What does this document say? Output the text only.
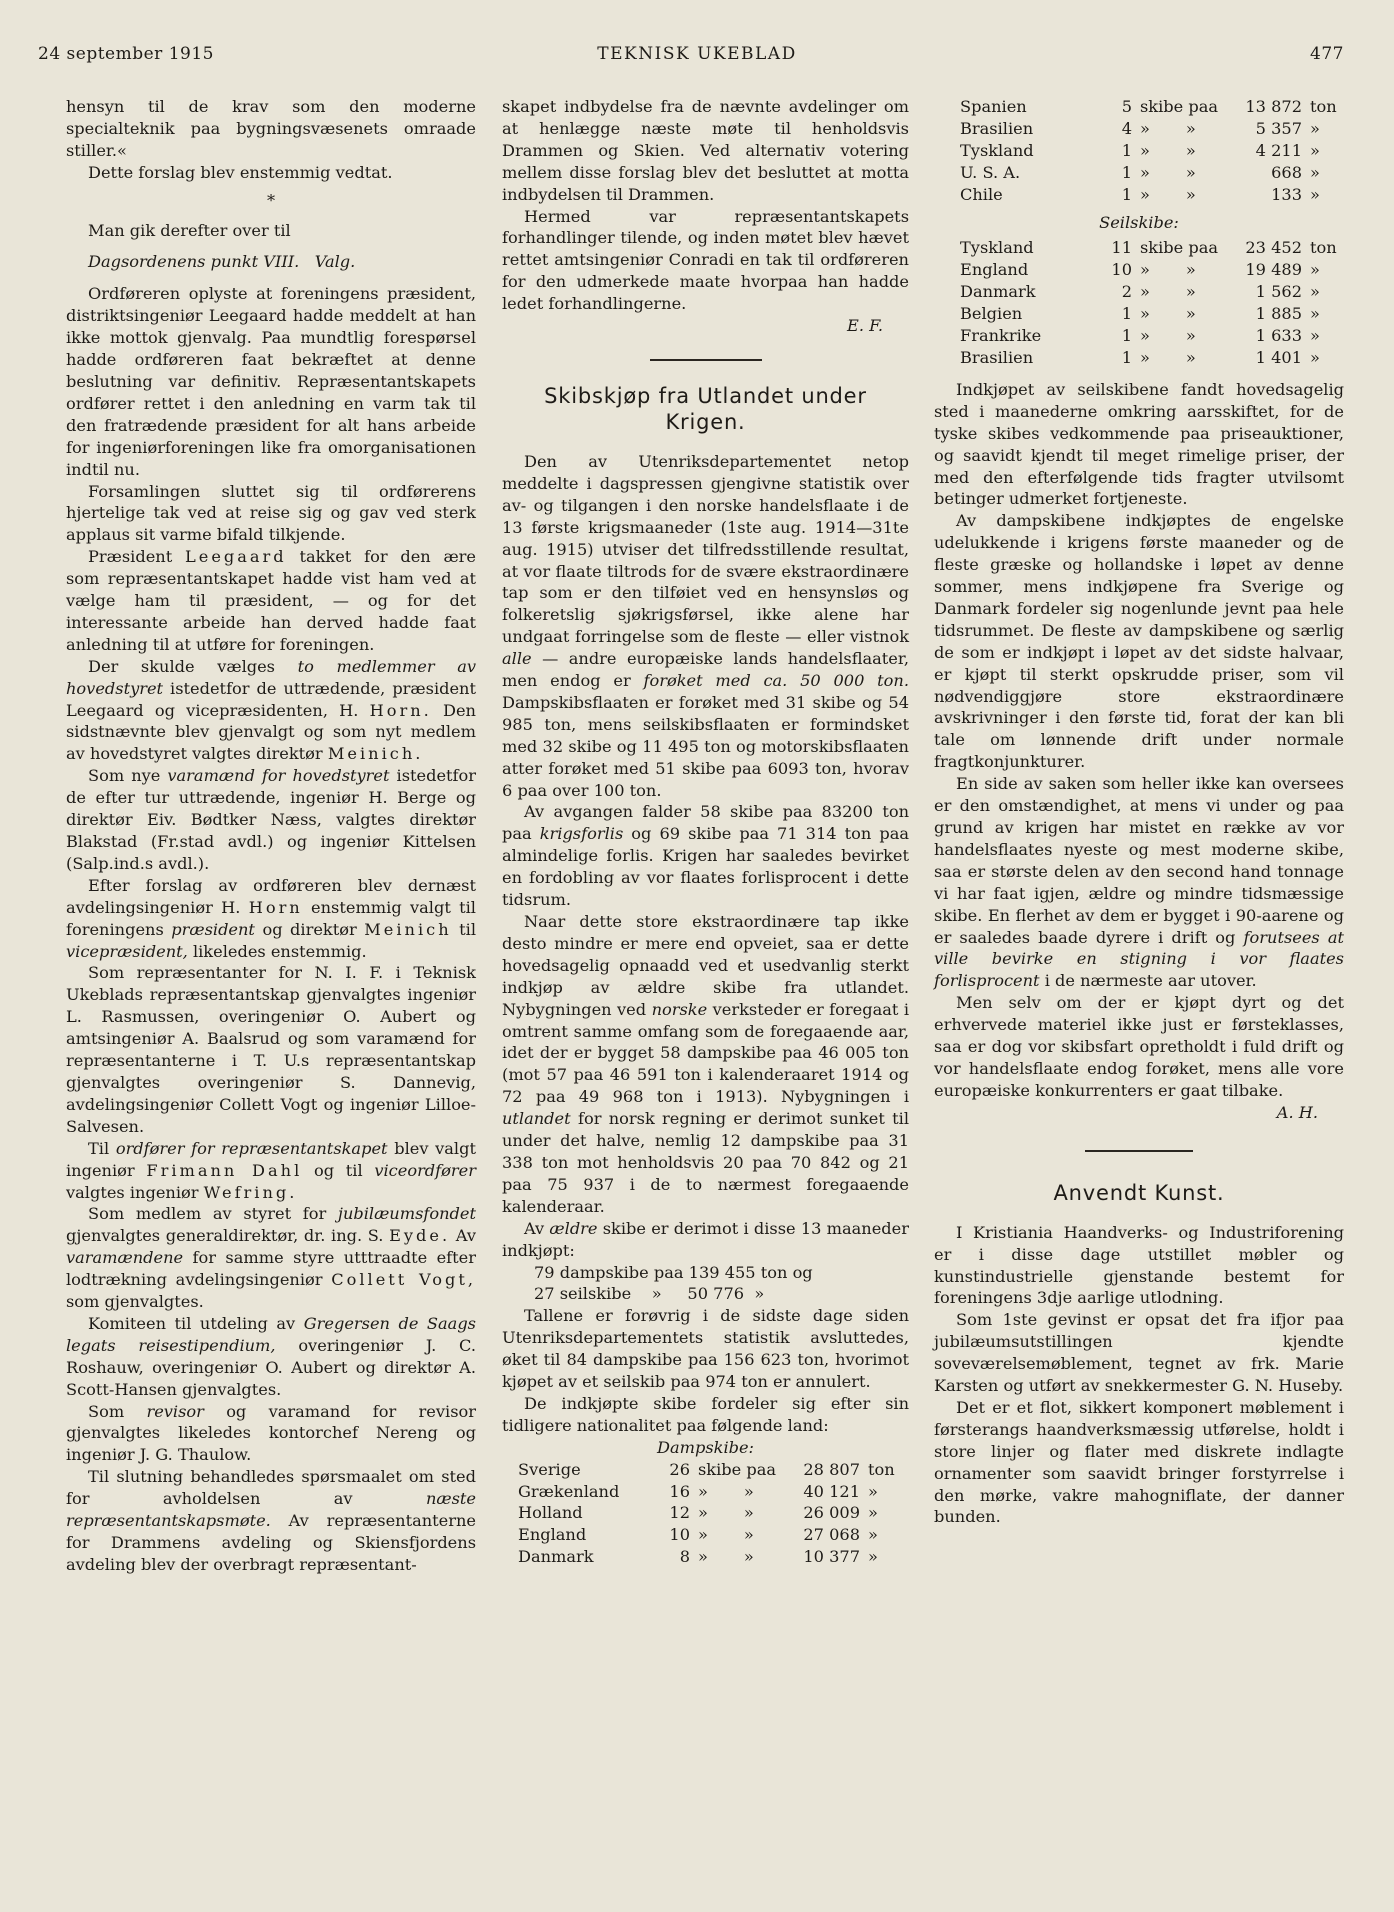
TEKNISK UKEBLAD
24 september 1915	477

hensyn til de krav som den moderne specialteknik paa bygningsvæsenets omraade stiller.«

Dette forslag blev enstemmig vedtat.

*

Man gik derefter over til

Dagsordenens punkt VIII. Valg.

Ordføreren oplyste at foreningens præsident, distriktsingeniør Leegaard hadde meddelt at han ikke mottok gjenvalg. Paa mundtlig forespørsel hadde ordføreren faat bekræftet at denne beslutning var definitiv. Repræsentantskapets ordfører rettet i den anledning en varm tak til den fratrædende præsident for alt hans arbeide for ingeniørforeningen like fra omorganisationen indtil nu.

Forsamlingen sluttet sig til ordførerens hjertelige tak ved at reise sig og gav ved sterk applaus sit varme bifald tilkjende.

Præsident Leegaard takket for den ære som repræsentantskapet hadde vist ham ved at vælge ham til præsident, — og for det interessante arbeide han derved hadde faat anledning til at utføre for foreningen.

Der skulde vælges to medlemmer av hovedstyret istedetfor de uttrædende, præsident Leegaard og vicepræsidenten, H. Horn. Den sidstnævnte blev gjenvalgt og som nyt medlem av hovedstyret valgtes direktør Meinich.

Som nye varamænd for hovedstyret istedetfor de efter tur uttrædende, ingeniør H. Berge og direktør Eiv. Bødtker Næss, valgtes direktør Blakstad (Fr.stad avdl.) og ingeniør Kittelsen (Salp.ind.s avdl.).

Efter forslag av ordføreren blev dernæst avdelingsingeniør H. Horn enstemmig valgt til foreningens præsident og direktør Meinich til vicepræsident, likeledes enstemmig.

Som repræsentanter for N. I. F. i Teknisk Ukeblads repræsentantskap gjenvalgtes ingeniør L. Rasmussen, overingeniør O. Aubert og amtsingeniør A. Baalsrud og som varamænd for repræsentanterne i T. U.s repræsentantskap gjenvalgtes overingeniør S. Dannevig, avdelingsingeniør Collett Vogt og ingeniør Lilloe-Salvesen.

Til ordfører for repræsentantskapet blev valgt ingeniør Frimann Dahl og til viceordfører valgtes ingeniør Wefring.

Som medlem av styret for jubilæumsfondet gjenvalgtes generaldirektør, dr. ing. S. Eyde. Av varamændene for samme styre utttraadte efter lodtrækning avdelingsingeniør Collett Vogt, som gjenvalgtes.

Komiteen til utdeling av Gregersen de Saags legats reisestipendium, overingeniør J. C. Roshauw, overingeniør O. Aubert og direktør A. Scott-Hansen gjenvalgtes.

Som revisor og varamand for revisor gjenvalgtes likeledes kontorchef Nereng og ingeniør J. G. Thaulow.

Til slutning behandledes spørsmaalet om sted for avholdelsen av	næste repræsentantskapsmøte. Av repræsentanterne for Drammens avdeling og Skiensfjordens avdeling blev der overbragt repræsentant-

skapet indbydelse fra de nævnte avdelinger om at henlægge næste møte til henholdsvis Drammen og Skien. Ved alternativ votering mellem disse forslag blev det besluttet at motta indbydelsen til Drammen.

Hermed var repræsentantskapets forhandlinger tilende, og inden møtet blev hævet rettet amtsingeniør Conradi en tak til ordføreren for den udmerkede maate hvorpaa han hadde ledet forhandlingerne.

E. F.
Skibskjøp fra Utlandet under Krigen.

Den av Utenriksdepartementet netop meddelte i dagspressen gjengivne statistik over av- og tilgangen i den norske handelsflaate i de 13 første krigsmaaneder (1ste aug. 1914—31te aug. 1915) utviser det tilfredsstillende resultat, at vor flaate tiltrods for de svære ekstraordinære tap som er den tilføiet ved en hensynsløs og folkeretslig sjøkrigsførsel, ikke alene har undgaat forringelse som de fleste — eller vistnok alle — andre europæiske lands handelsflaater, men endog er forøket med ca. 50 000 ton. Dampskibsflaaten er forøket med 31 skibe og 54 985 ton, mens seilskibsflaaten er formindsket med 32 skibe og 11 495 ton og motorskibsflaaten atter forøket med 51 skibe paa 6093 ton, hvorav 6 paa over 100 ton.

Av avgangen falder 58 skibe paa 83200 ton paa krigsforlis og 69 skibe paa 71 314 ton paa almindelige forlis. Krigen har saaledes bevirket en fordobling av vor flaates forlisprocent i dette tidsrum.

Naar dette store ekstraordinære tap ikke desto mindre er mere end opveiet, saa er dette hovedsagelig opnaadd ved et usedvanlig sterkt indkjøp av ældre skibe fra utlandet. Nybygningen ved norske verksteder er foregaat i omtrent samme omfang som de foregaaende aar, idet der er bygget 58 dampskibe paa 46 005 ton (mot 57 paa 46 591 ton i kalenderaaret 1914 og 72 paa 49 968 ton i 1913). Nybygningen i utlandet for norsk regning er derimot sunket til under det halve, nemlig 12 dampskibe paa 31 338 ton mot henholdsvis 20 paa 70 842 og 21 paa 75 937 i de to nærmest foregaaende kalenderaar.

Av ældre skibe er derimot i disse 13 maaneder indkjøpt:

79 dampskibe paa 139 455 ton og
27 seilskibe    »     50 776  »

Tallene er forøvrig i de sidste dage siden Utenriksdepartementets statistik avsluttedes, øket til 84 dampskibe paa 156 623 ton, hvorimot kjøpet av et seilskib paa 974 ton er annulert.

De indkjøpte skibe fordeler sig efter sin tidligere nationalitet paa følgende land:

Dampskibe:
Sverige	26	skibe paa	28 807	ton
Grækenland	16	»       »	40 121	»
Holland	12	»       »	26 009	»
England	10	»       »	27 068	»
Danmark	8	»       »	10 377	»
Spanien	5	skibe paa	13 872	ton
Brasilien	4	»       »	5 357	»
Tyskland	1	»       »	4 211	»
U. S. A.	1	»       »	668	»
Chile	1	»       »	133	»
Seilskibe:
Tyskland	11	skibe paa	23 452	ton
England	10	»       »	19 489	»
Danmark	2	»       »	1 562	»
Belgien	1	»       »	1 885	»
Frankrike	1	»       »	1 633	»
Brasilien	1	»       »	1 401	»

Indkjøpet av seilskibene fandt hovedsagelig sted i maanederne omkring aarsskiftet, for de tyske skibes vedkommende paa priseauktioner, og saavidt kjendt til meget rimelige priser, der med den efterfølgende tids fragter utvilsomt betinger udmerket fortjeneste.

Av dampskibene indkjøptes de engelske udelukkende i krigens første maaneder og de fleste græske og hollandske i løpet av denne sommer, mens indkjøpene fra Sverige og Danmark fordeler sig nogenlunde jevnt paa hele tidsrummet. De fleste av dampskibene og særlig de som er indkjøpt i løpet av det sidste halvaar, er kjøpt til sterkt opskrudde priser, som vil nødvendiggjøre store ekstraordinære avskrivninger i den første tid, forat der kan bli tale om lønnende drift under normale fragtkonjunkturer.

En side av saken som heller ikke kan oversees er den omstændighet, at mens vi under og paa grund av krigen har mistet en række av vor handelsflaates nyeste og mest moderne skibe, saa er største delen av den second hand tonnage vi har faat igjen, ældre og mindre tidsmæssige skibe. En flerhet av dem er bygget i 90-aarene og er saaledes baade dyrere i drift og forutsees at ville bevirke en stigning i vor flaates forlisprocent i de nærmeste aar utover.

Men selv om der er kjøpt dyrt og det erhvervede materiel ikke just er førsteklasses, saa er dog vor skibsfart opretholdt i fuld drift og vor handelsflaate endog forøket, mens alle vore europæiske konkurrenters er gaat tilbake.

A. H.
Anvendt Kunst.

I Kristiania Haandverks- og Industriforening er i disse dage utstillet møbler og kunstindustrielle gjenstande bestemt for foreningens 3dje aarlige utlodning.

Som 1ste gevinst er opsat det fra ifjor paa jubilæumsutstillingen kjendte soveværelsemøblement, tegnet av frk. Marie Karsten og utført av snekkermester G. N. Huseby.

Det er et flot, sikkert komponert møblement i førsterangs haandverksmæssig utførelse, holdt i store linjer og flater med diskrete indlagte ornamenter som saavidt bringer forstyrrelse i den mørke, vakre mahogniflate, der danner bunden.
